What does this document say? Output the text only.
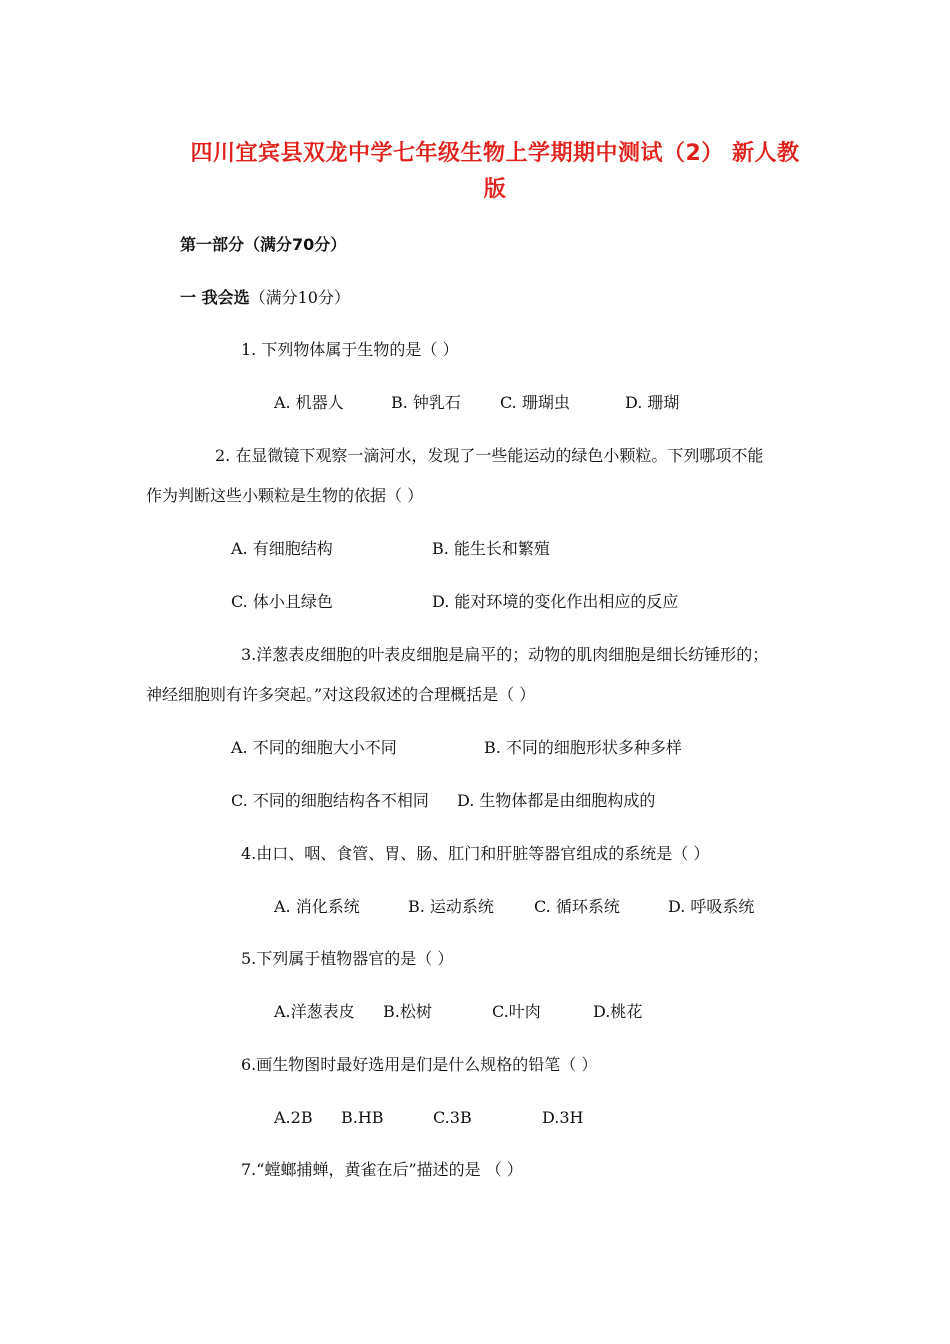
四川宜宾县双龙中学七年级生物上学期期中测试（2） 新人教
版
第一部分（满分70分）
一 我会选（满分10分）
1. 下列物体属于生物的是（ ）
A. 机器人	B. 钟乳石 C. 珊瑚虫	D. 珊瑚
2. 在显微镜下观察一滴河水，发现了一些能运动的绿色小颗粒。下列哪项不能
作为判断这些小颗粒是生物的依据（ ）
A. 有细胞结构	B. 能生长和繁殖
C. 体小且绿色	D. 能对环境的变化作出相应的反应
3.洋葱表皮细胞的叶表皮细胞是扁平的；动物的肌肉细胞是细长纺锤形的；
神经细胞则有许多突起。”对这段叙述的合理概括是（ ）
A. 不同的细胞大小不同	B. 不同的细胞形状多种多样
C. 不同的细胞结构各不相同 D. 生物体都是由细胞构成的
4.由口、咽、食管、胃、肠、肛门和肝脏等器官组成的系统是（ ）
A. 消化系统	B. 运动系统	C. 循环系统	D. 呼吸系统
5.下列属于植物器官的是（ ）
A.洋葱表皮 B.松树	C.叶肉	D.桃花
6.画生物图时最好选用是们是什么规格的铅笔（ ）
A.2B B.HB	C.3B	D.3H
7.“螳螂捕蝉，黄雀在后”描述的是 （ ）
